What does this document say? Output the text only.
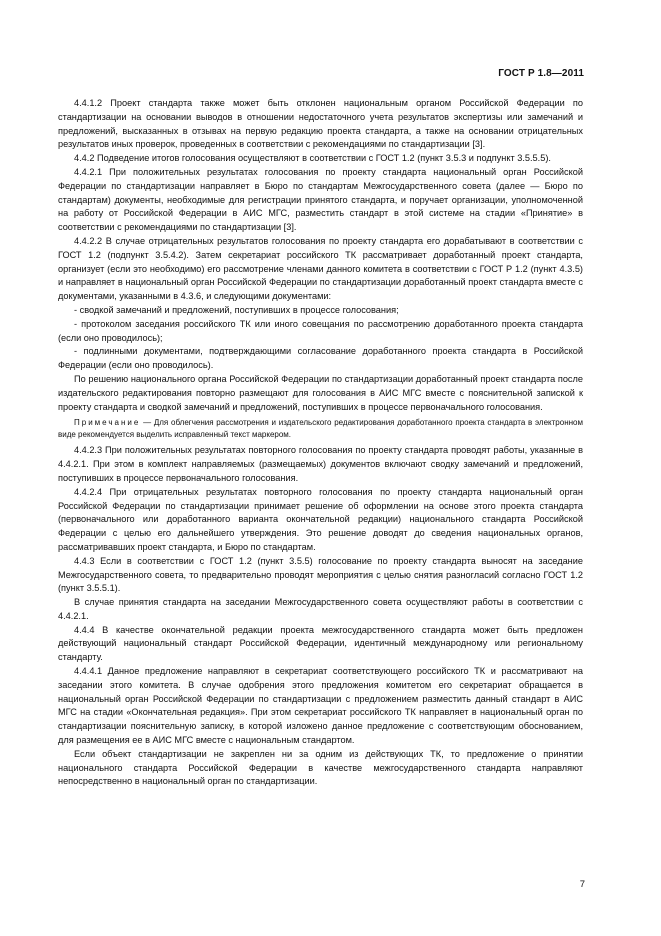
ГОСТ Р 1.8—2011

4.4.1.2 Проект стандарта также может быть отклонен национальным органом Российской Федерации по стандартизации на основании выводов в отношении недостаточного учета результатов экспертизы или замечаний и предложений, высказанных в отзывах на первую редакцию проекта стандарта, а также на основании отрицательных результатов иных проверок, проведенных в соответствии с рекомендациями по стандартизации [3].

4.4.2 Подведение итогов голосования осуществляют в соответствии с ГОСТ 1.2 (пункт 3.5.3 и подпункт 3.5.5.5).

4.4.2.1 При положительных результатах голосования по проекту стандарта национальный орган Российской Федерации по стандартизации направляет в Бюро по стандартам Межгосударственного совета (далее — Бюро по стандартам) документы, необходимые для регистрации принятого стандарта, и поручает организации, уполномоченной на работу от Российской Федерации в АИС МГС, разместить стандарт в этой системе на стадии «Принятие» в соответствии с рекомендациями по стандартизации [3].

4.4.2.2 В случае отрицательных результатов голосования по проекту стандарта его дорабатывают в соответствии с ГОСТ 1.2 (подпункт 3.5.4.2). Затем секретариат российского ТК рассматривает доработанный проект стандарта, организует (если это необходимо) его рассмотрение членами данного комитета в соответствии с ГОСТ Р 1.2 (пункт 4.3.5) и направляет в национальный орган Российской Федерации по стандартизации доработанный проект стандарта вместе с документами, указанными в 4.3.6, и следующими документами:

- сводкой замечаний и предложений, поступивших в процессе голосования;

- протоколом заседания российского ТК или иного совещания по рассмотрению доработанного проекта стандарта (если оно проводилось);

- подлинными документами, подтверждающими согласование доработанного проекта стандарта в Российской Федерации (если оно проводилось).

По решению национального органа Российской Федерации по стандартизации доработанный проект стандарта после издательского редактирования повторно размещают для голосования в АИС МГС вместе с пояснительной запиской к проекту стандарта и сводкой замечаний и предложений, поступивших в процессе первоначального голосования.

Примечание — Для облегчения рассмотрения и издательского редактирования доработанного проекта стандарта в электронном виде рекомендуется выделить исправленный текст маркером.

4.4.2.3 При положительных результатах повторного голосования по проекту стандарта проводят работы, указанные в 4.4.2.1. При этом в комплект направляемых (размещаемых) документов включают сводку замечаний и предложений, поступивших в процессе первоначального голосования.

4.4.2.4 При отрицательных результатах повторного голосования по проекту стандарта национальный орган Российской Федерации по стандартизации принимает решение об оформлении на основе этого проекта стандарта (первоначального или доработанного варианта окончательной редакции) национального стандарта Российской Федерации с целью его дальнейшего утверждения. Это решение доводят до сведения национальных органов, рассматривавших проект стандарта, и Бюро по стандартам.

4.4.3 Если в соответствии с ГОСТ 1.2 (пункт 3.5.5) голосование по проекту стандарта выносят на заседание Межгосударственного совета, то предварительно проводят мероприятия с целью снятия разногласий согласно ГОСТ 1.2 (пункт 3.5.5.1).

В случае принятия стандарта на заседании Межгосударственного совета осуществляют работы в соответствии с 4.4.2.1.

4.4.4 В качестве окончательной редакции проекта межгосударственного стандарта может быть предложен действующий национальный стандарт Российской Федерации, идентичный международному или региональному стандарту.

4.4.4.1 Данное предложение направляют в секретариат соответствующего российского ТК и рассматривают на заседании этого комитета. В случае одобрения этого предложения комитетом его секретариат обращается в национальный орган Российской Федерации по стандартизации с предложением разместить данный стандарт в АИС МГС на стадии «Окончательная редакция». При этом секретариат российского ТК направляет в национальный орган по стандартизации пояснительную записку, в которой изложено данное предложение с соответствующим обоснованием, для размещения ее в АИС МГС вместе с национальным стандартом.

Если объект стандартизации не закреплен ни за одним из действующих ТК, то предложение о принятии национального стандарта Российской Федерации в качестве межгосударственного стандарта направляют непосредственно в национальный орган по стандартизации.

7
